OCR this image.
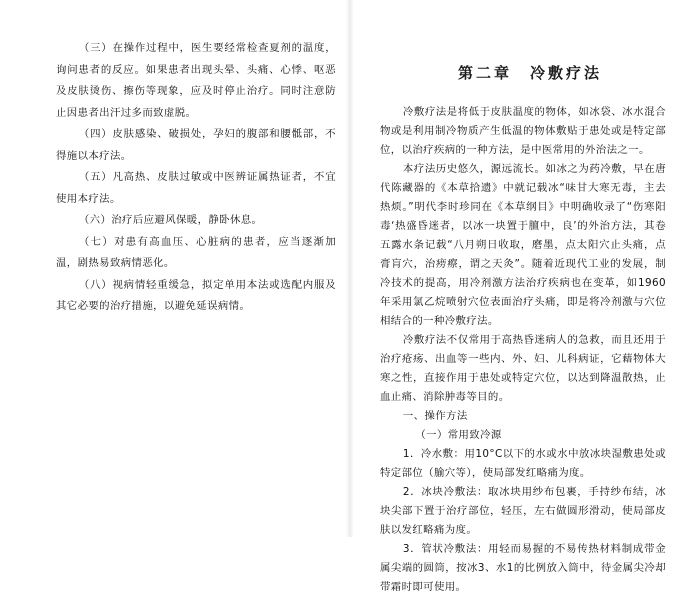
（三）在操作过程中，医生要经常检查夏剂的温度，询问患者的反应。如果患者出现头晕、头痛、心悸、呕恶及皮肤烫伤、擦伤等现象，应及时停止治疗。同时注意防止因患者出汗过多而致虚脱。

（四）皮肤感染、破损处，孕妇的腹部和腰骶部，不得施以本疗法。

（五）凡高热、皮肤过敏或中医辨证属热证者，不宜使用本疗法。

（六）治疗后应避风保暖，静卧休息。

（七）对患有高血压、心脏病的患者，应当逐渐加温，剧热易致病情恶化。

（八）视病情轻重缓急，拟定单用本法或选配内服及其它必要的治疗措施，以避免延误病情。

第二章　冷敷疗法

冷敷疗法是将低于皮肤温度的物体，如冰袋、冰水混合物或是利用制冷物质产生低温的物体敷贴于患处或是特定部位，以治疗疾病的一种方法，是中医常用的外治法之一。

本疗法历史悠久，源远流长。如冰之为药冷敷，早在唐代陈藏器的《本草拾遗》中就记载冰“味甘大寒无毒，主去热烦。”明代李时珍同在《本草纲目》中明确收录了“伤寒阳毒‘热盛昏迷者，以冰一块置于膻中，良’的外治方法，其卷五露水条记载“八月朔日收取，磨墨，点太阳穴止头痛，点膏肓穴，治痨瘵，谓之天灸”。随着近现代工业的发展，制冷技术的提高，用冷剂激方法治疗疾病也在变革，如1960年采用氯乙烷喷射穴位表面治疗头痛，即是将冷剂激与穴位相结合的一种冷敷疗法。

冷敷疗法不仅常用于高热昏迷病人的急救，而且还用于治疗疮疡、出血等一些内、外、妇、儿科病证，它藉物体大寒之性，直接作用于患处或特定穴位，以达到降温散热，止血止痛、消除肿毒等目的。

一、操作方法

（一）常用致冷源

1．冷水敷：用10°C以下的水或水中放冰块湿敷患处或特定部位（腧穴等），使局部发红略痛为度。

2．冰块冷敷法：取冰块用纱布包裹，手持纱布结，冰块尖部下置于治疗部位，轻压，左右做圆形滑动，使局部皮肤以发红略痛为度。

3．管状冷敷法：用轻而易握的不易传热材料制成带金属尖端的圆筒，按冰3、水1的比例放入筒中，待金属尖冷却带霜时即可使用。
